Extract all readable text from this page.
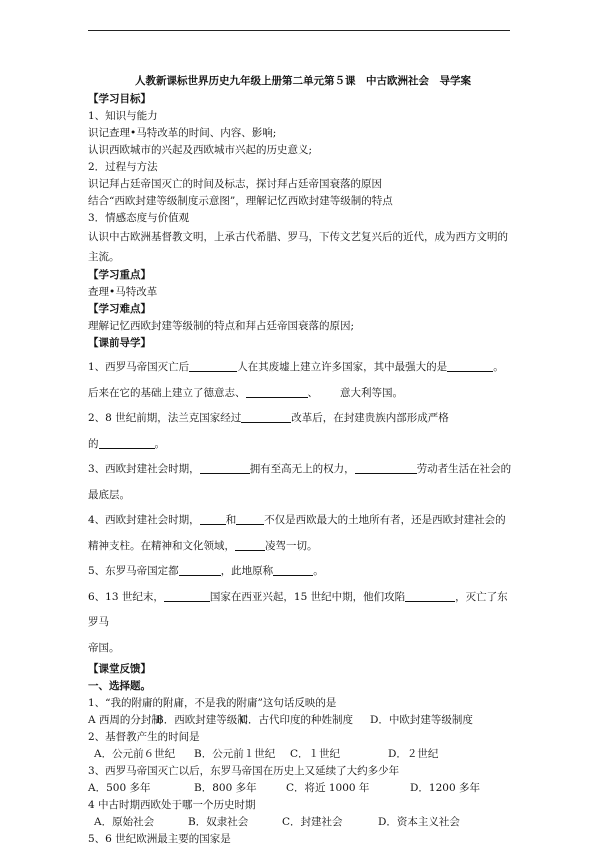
人教新课标世界历史九年级上册第二单元第５课　中古欧洲社会　导学案
【学习目标】
1、知识与能力
识记查理•马特改革的时间、内容、影响;
认识西欧城市的兴起及西欧城市兴起的历史意义;
2．过程与方法
识记拜占廷帝国灭亡的时间及标志，探讨拜占廷帝国衰落的原因
结合“西欧封建等级制度示意图”，理解记忆西欧封建等级制的特点
3．情感态度与价值观
认识中古欧洲基督教文明，上承古代希腊、罗马，下传文艺复兴后的近代，成为西方文明的主流。
【学习重点】
查理•马特改革
【学习难点】
理解记忆西欧封建等级制的特点和拜占廷帝国衰落的原因;
【课前导学】
1、西罗马帝国灭亡后	人在其废墟上建立许多国家，其中最强大的是	。
后来在它的基础上建立了德意志、	、 意大利等国。
2、8 世纪前期，法兰克国家经过	改革后，在封建贵族内部形成严格
的	。
3、西欧封建社会时期，	拥有至高无上的权力，	劳动者生活在社会的
最底层。
4、西欧封建社会时期， 和	不仅是西欧最大的土地所有者，还是西欧封建社会的
精神支柱。在精神和文化领域，	凌驾一切。
5、东罗马帝国定都	，此地原称	。
6、13 世纪末，	国家在西亚兴起，15 世纪中期，他们攻陷	，灭亡了东罗马
帝国。
【课堂反馈】
一、选择题。
1、“我的附庸的附庸，不是我的附庸”这句话反映的是
A 西周的分封制
B．西欧封建等级制
C．古代印度的种姓制度	D．中欧封建等级制度
2、基督教产生的时间是
A．公元前６世纪	B．公元前１世纪	C．１世纪	D．２世纪
3、西罗马帝国灭亡以后，东罗马帝国在历史上又延续了大约多少年
A．500 多年	B．800 多年	C．将近 1000 年	D．1200 多年
4 中古时期西欧处于哪一个历史时期
A．原始社会	B．奴隶社会	C．封建社会	D．资本主义社会
5、6 世纪欧洲最主要的国家是
